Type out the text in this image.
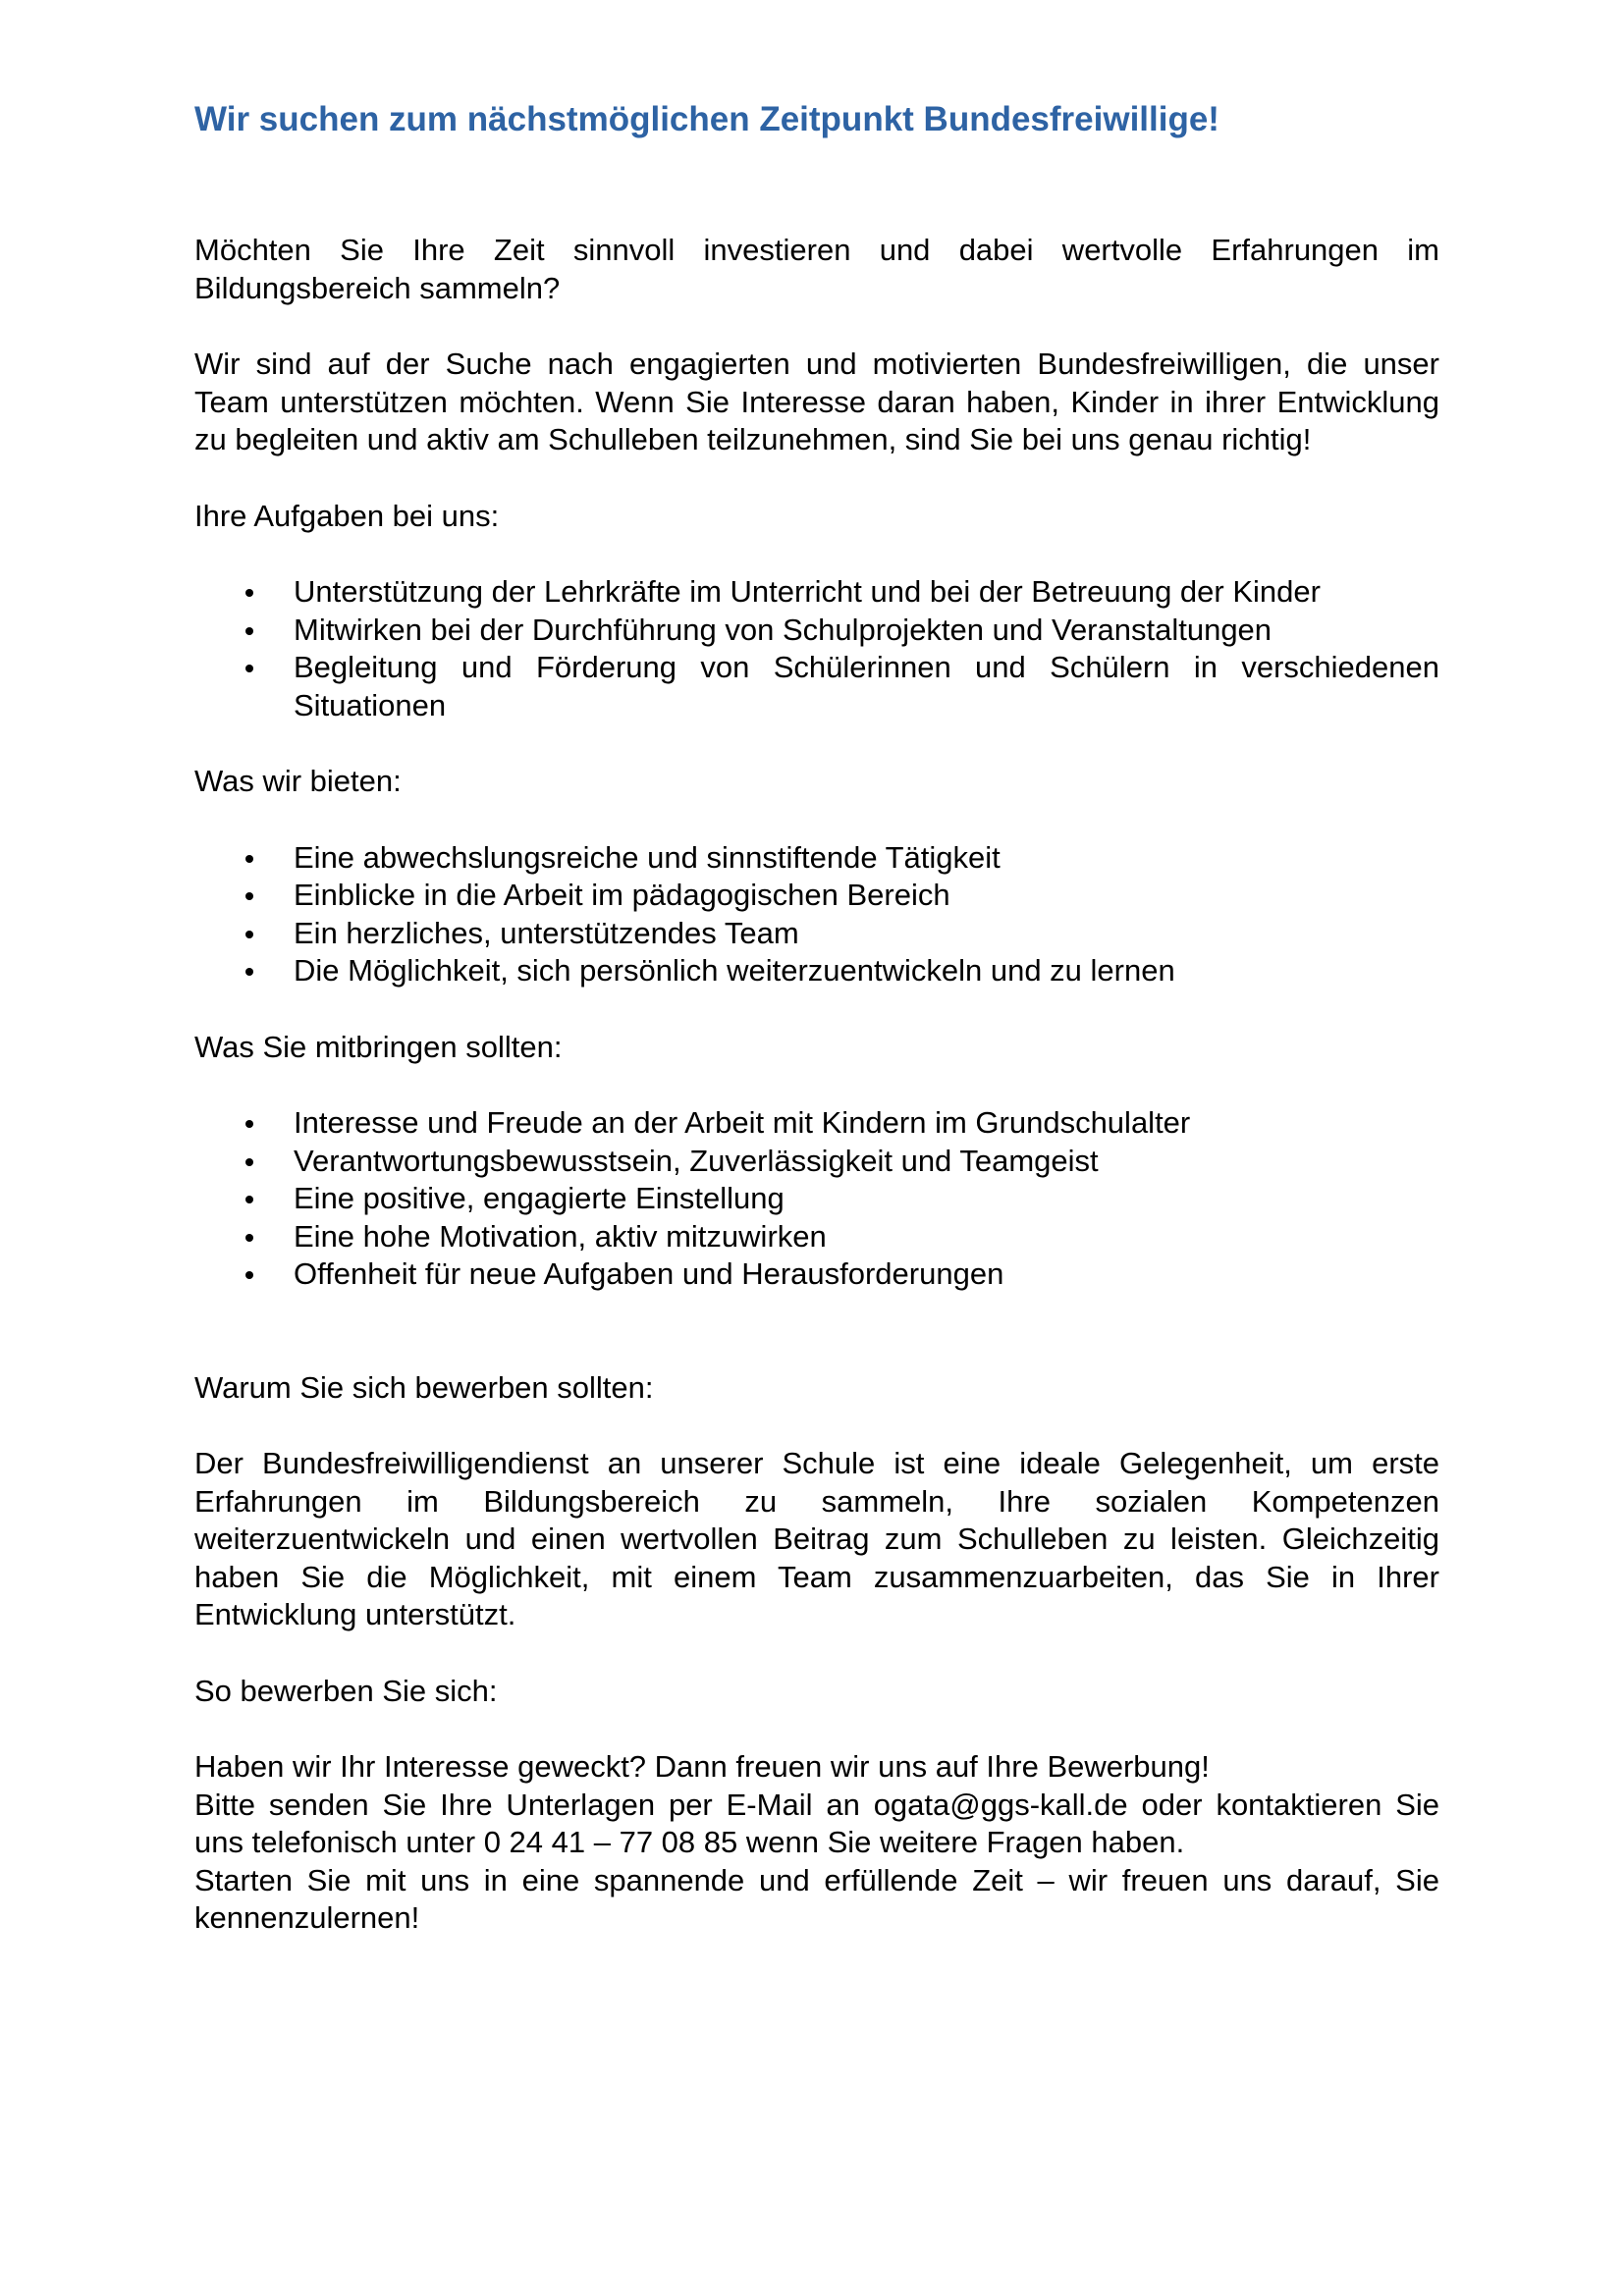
Wir suchen zum nächstmöglichen Zeitpunkt Bundesfreiwillige!

Möchten Sie Ihre Zeit sinnvoll investieren und dabei wertvolle Erfahrungen im Bildungsbereich sammeln?

Wir sind auf der Suche nach engagierten und motivierten Bundesfreiwilligen, die unser Team unterstützen möchten. Wenn Sie Interesse daran haben, Kinder in ihrer Entwicklung zu begleiten und aktiv am Schulleben teilzunehmen, sind Sie bei uns genau richtig!

Ihre Aufgaben bei uns:

Unterstützung der Lehrkräfte im Unterricht und bei der Betreuung der Kinder
Mitwirken bei der Durchführung von Schulprojekten und Veranstaltungen
Begleitung und Förderung von Schülerinnen und Schülern in verschiedenen Situationen

Was wir bieten:

Eine abwechslungsreiche und sinnstiftende Tätigkeit
Einblicke in die Arbeit im pädagogischen Bereich
Ein herzliches, unterstützendes Team
Die Möglichkeit, sich persönlich weiterzuentwickeln und zu lernen

Was Sie mitbringen sollten:

Interesse und Freude an der Arbeit mit Kindern im Grundschulalter
Verantwortungsbewusstsein, Zuverlässigkeit und Teamgeist
Eine positive, engagierte Einstellung
Eine hohe Motivation, aktiv mitzuwirken
Offenheit für neue Aufgaben und Herausforderungen

Warum Sie sich bewerben sollten:

Der Bundesfreiwilligendienst an unserer Schule ist eine ideale Gelegenheit, um erste Erfahrungen im Bildungsbereich zu sammeln, Ihre sozialen Kompetenzen weiterzuentwickeln und einen wertvollen Beitrag zum Schulleben zu leisten. Gleichzeitig haben Sie die Möglichkeit, mit einem Team zusammenzuarbeiten, das Sie in Ihrer Entwicklung unterstützt.

So bewerben Sie sich:

Haben wir Ihr Interesse geweckt? Dann freuen wir uns auf Ihre Bewerbung!

Bitte senden Sie Ihre Unterlagen per E-Mail an ogata@ggs-kall.de oder kontaktieren Sie uns telefonisch unter 0 24 41 – 77 08 85 wenn Sie weitere Fragen haben.

Starten Sie mit uns in eine spannende und erfüllende Zeit – wir freuen uns darauf, Sie kennenzulernen!
